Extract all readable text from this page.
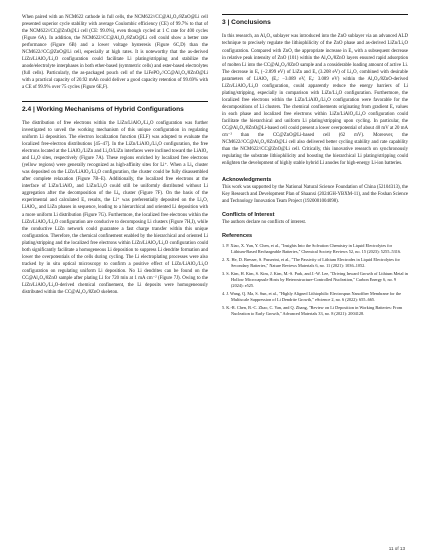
When paired with an NCM622 cathode in full cells, the NCM622//CC@Al₂O₃/8ZnO@Li cell presented superior cycle stability with average Coulombic efficiency (CE) of 99.7% to that of the NCM622//CC@ZnO@Li cell (CE: 99.0%), even though cycled at 1 C rate for 400 cycles (Figure 6A). In addition, the NCM622//CC@Al₂O₃/8ZnO@Li cell could show a better rate performance (Figure 6B) and a lower voltage hysteresis (Figure 6C,D) than the NCM622//CC@ZnO@Li cell, especially at high rates. It is noteworthy that the as-derived LiZn/LiAlO₂/Li₂O configuration could facilitate Li plating/stripping and stabilize the anode/electrolyte interphases in both ether-based (symmetric cells) and ester-based electrolytes (full cells). Particularly, the as-packaged pouch cell of the LiFePO₄//CC@Al₂O₃/8ZnO@Li with a practical capacity of 20.92 mAh could deliver a good capacity retention of 99.69% with a CE of 99.9% over 75 cycles (Figure 6E,F).

2.4 | Working Mechanisms of Hybrid Configurations

The distribution of free electrons within the LiZn/LiAlO₂/Li₂O configuration was further investigated to unveil the working mechanism of this unique configuration in regulating uniform Li deposition. The electron localization function (ELF) was adopted to evaluate the localized free-electron distributions [45–47]. In the LiZn/LiAlO₂/Li₂O configuration, the free electrons located at the LiAlO₂/LiZn and Li₂O/LiZn interfaces were inclined toward the LiAlO₂ and Li₂O sites, respectively (Figure 7A). These regions enriched by localized free electrons (yellow regions) were generally recognized as high-affinity sites for Li⁺. When a Li₆ cluster was deposited on the LiZn/LiAlO₂/Li₂O configuration, the cluster could be fully disassembled after complete relaxation (Figure 7B–E). Additionally, the localized free electrons at the interface of LiZn/LiAlO₂ and LiZn/Li₂O could still be uniformly distributed without Li aggregation after the decomposition of the Li₆ cluster (Figure 7F). On the basis of the experimental and calculated Eₐ results, the Li⁺ was preferentially deposited on the Li₂O, LiAlO₂, and LiZn phases in sequence, leading to a hierarchical and oriented Li deposition with a more uniform Li distribution (Figure 7G). Furthermore, the localized free electrons within the LiZn/LiAlO₂/Li₂O configuration are conducive to decomposing Li clusters (Figure 7H,I), while the conductive LiZn network could guarantee a fast charge transfer within this unique configuration. Therefore, the chemical confinement enabled by the hierarchical and oriented Li plating/stripping and the localized free electrons within LiZn/LiAlO₂/Li₂O configuration could both significantly facilitate a homogeneous Li deposition to suppress Li dendrite formation and lower the overpotentials of the cells during cycling. The Li electroplating processes were also tracked by in situ optical microscopy to confirm a positive effect of LiZn/LiAlO₂/Li₂O configuration on regulating uniform Li deposition. No Li dendrites can be found on the CC@Al₂O₃/8ZnO sample after plating Li for 720 min at 1 mA cm⁻² (Figure 7J). Owing to the LiZn/LiAlO₂/Li₂O-derived chemical confinement, the Li deposits were homogeneously distributed within the CC@Al₂O₃/8ZnO skeleton.

3 | Conclusions

In this research, an Al₂O₃ sublayer was introduced into the ZnO sublayer via an advanced ALD technique to precisely regulate the lithiophilicity of the ZnO phase and as-derived LiZn/Li₂O configuration. Compared with ZnO, the appropriate increase in Eₐ with a subsequent decrease in relative peak intensity of ZnO (101) within the Al₂O₃/8ZnO layers ensured rapid adsorption of molten Li into the CC@Al₂O₃/8ZnO sample and a considerable loading amount of active Li. The decrease in Eₐ (−2.899 eV) of LiZn and Eₐ (3.208 eV) of Li₂O, combined with desirable parameters of LiAlO₂ (Eₐ: −3.089 eV, Eₐ: 3.089 eV) within the Al₂O₃/8ZnO-derived LiZn/LiAlO₂/Li₂O configuration, could apparently reduce the energy barriers of Li plating/stripping, especially in comparison with LiZn/Li₂O configuration. Furthermore, the localized free electrons within the LiZn/LiAlO₂/Li₂O configuration were favorable for the decompositions of Li clusters. The chemical confinements originating from gradient Eₐ values in each phase and localized free electrons within LiZn/LiAlO₂/Li₂O configuration could facilitate the hierarchical and uniform Li plating/stripping upon cycling. In particular, the CC@Al₂O₃/8ZnO@Li-based cell could present a lower overpotential of about 40 mV at 20 mA cm⁻² than the CC@ZnO@Li-based cell (62 mV). Moreover, the NCM622//CC@Al₂O₃/8ZnO@Li cell also delivered better cycling stability and rate capability than the NCM622//CC@ZnO@Li cell. Critically, this innovative research on synchronously regulating the substrate lithiophilicity and boosting the hierarchical Li plating/stripping could enlighten the development of highly stable hybrid Li anodes for high-energy Li-ion batteries.

Acknowledgments

This work was supported by the National Natural Science Foundation of China (52104313), the Key Research and Development Plan of Shaanxi (2024GH-YBXM-11), and the Foshan Science and Technology Innovation Team Project (1920001004098).

Conflicts of Interest

The authors declare no conflicts of interest.

References

1. P. Xiao, X. Yun, Y. Chen, et al., "Insights Into the Solvation Chemistry in Liquid Electrolytes for Lithium-Based Rechargeable Batteries," Chemical Society Reviews 52, no. 15 (2023): 5255–5316.

2. X. He, D. Bresser, S. Passerini, et al., "The Passivity of Lithium Electrodes in Liquid Electrolytes for Secondary Batteries," Nature Reviews Materials 6, no. 11 (2021): 1036–1052.

3. S. Kim, H. Kim, S. Kim, J. Kim, M.-S. Park, and J.-W. Lee, "Driving Inward Growth of Lithium Metal in Hollow Microcapsule Hosts by Heterostructure-Controlled Nucleation," Carbon Energy 6, no. 9 (2024): e525.

4. J. Wang, Q. Ma, S. Sun, et al., "Highly Aligned Lithiophilic Electrospun Nanofiber Membrane for the Multiscale Suppression of Li Dendrite Growth," eScience 2, no. 6 (2022): 655–665.

5. K.-R. Chen, B.-C. Zhao, C. Yan, and Q. Zhang, "Review on Li Deposition in Working Batteries: From Nucleation to Early Growth," Advanced Materials 33, no. 8 (2021): 2004128.

11 of 13
